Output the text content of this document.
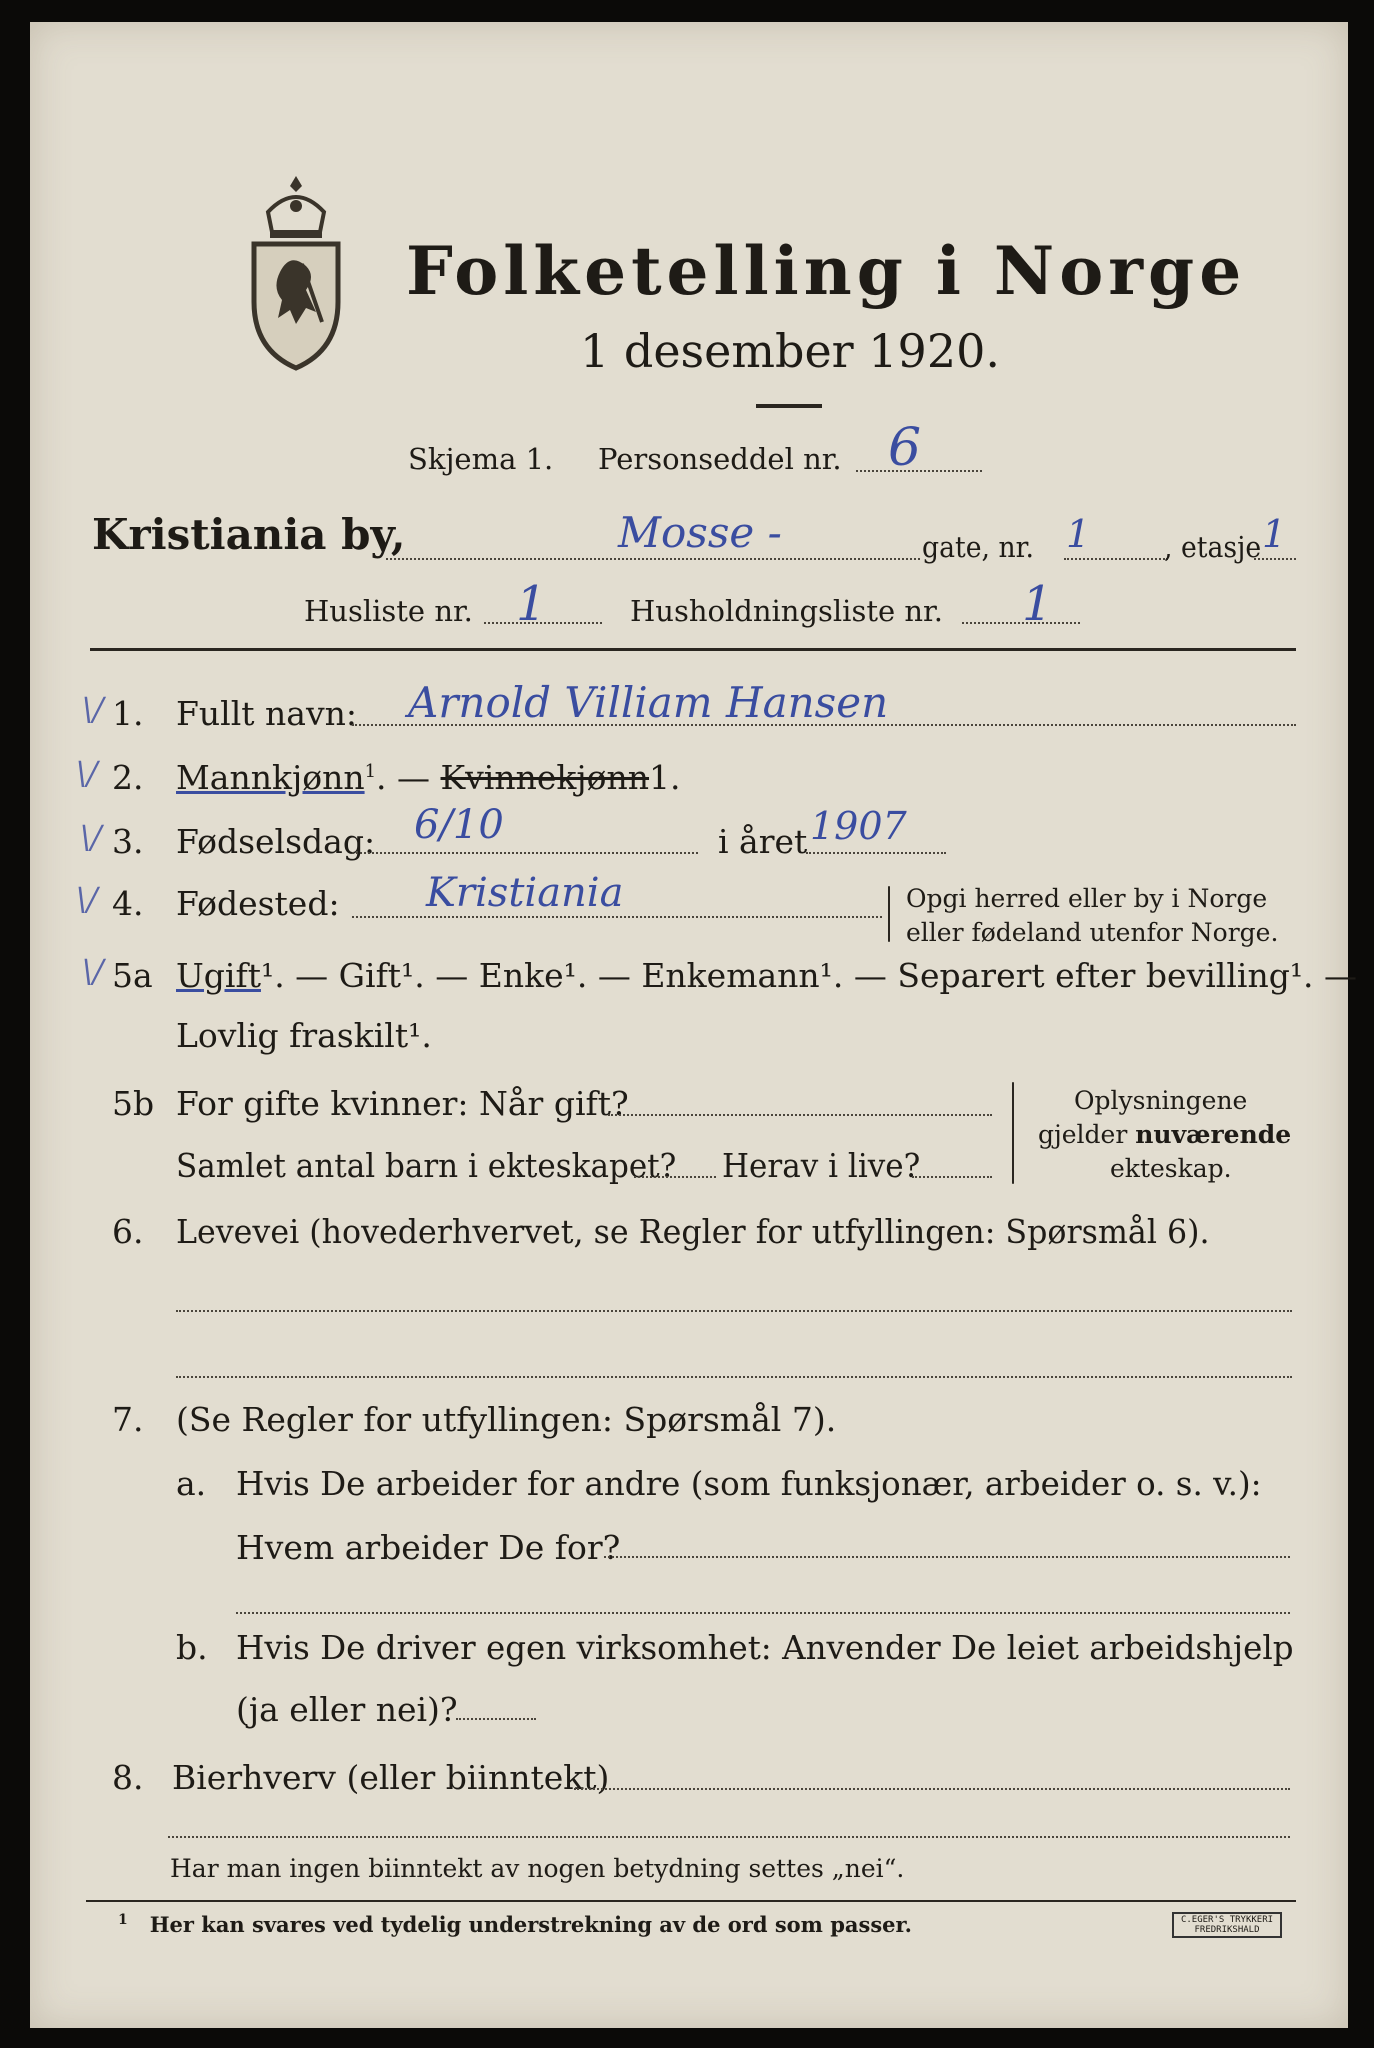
Folketelling i Norge
1 desember 1920.
Skjema 1. Personseddel nr. 6
Kristiania by,	Mosse -	gate, nr. 1	, etasje 1
Husliste nr. 1	Husholdningsliste nr. 1
\/
\/
\/
\/
\/
1. Fullt navn: Arnold Villiam Hansen
2. Mannkjønn$^1$. — Kvinnekjønn1.
3. Fødselsdag: 6/10	i året 1907
4. Fødested: Kristiania	Opgi herred eller by i Norge
eller fødeland utenfor Norge.
5a Ugift¹. — Gift¹. — Enke¹. — Enkemann¹. — Separert efter bevilling¹. —
Lovlig fraskilt¹.
5b For gifte kvinner: Når gift?
Samlet antal barn i ekteskapet? Herav i live?
Oplysningene
gjelder nuværende
ekteskap.
6. Levevei (hovederhvervet, se Regler for utfyllingen: Spørsmål 6).
7. (Se Regler for utfyllingen: Spørsmål 7).
a. Hvis De arbeider for andre (som funksjonær, arbeider o. s. v.):
Hvem arbeider De for?
b. Hvis De driver egen virksomhet: Anvender De leiet arbeidshjelp
(ja eller nei)?
8. Bierhverv (eller biinntekt)
Har man ingen biinntekt av nogen betydning settes „nei“.
$^1$ Her kan svares ved tydelig understrekning av de ord som passer.	C.EGER'S TRYKKERI
FREDRIKSHALD
